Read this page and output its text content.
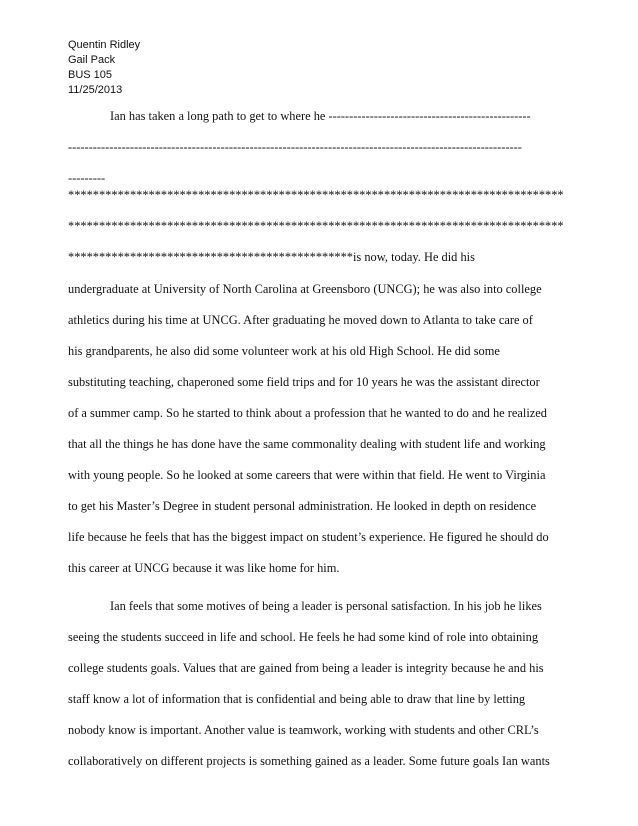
Quentin Ridley
Gail Pack
BUS 105
11/25/2013
Ian has taken a long path to get to where he -------------------------------------------------
--------------------------------------------------------------------------------------------------------------
---------
********************************************************************************
********************************************************************************
**********************************************is now, today. He did his
undergraduate at University of North Carolina at Greensboro (UNCG); he was also into college
athletics during his time at UNCG. After graduating he moved down to Atlanta to take care of
his grandparents, he also did some volunteer work at his old High School. He did some
substituting teaching, chaperoned some field trips and for 10 years he was the assistant director
of a summer camp. So he started to think about a profession that he wanted to do and he realized
that all the things he has done have the same commonality dealing with student life and working
with young people. So he looked at some careers that were within that field. He went to Virginia
to get his Master’s Degree in student personal administration. He looked in depth on residence
life because he feels that has the biggest impact on student’s experience. He figured he should do
this career at UNCG because it was like home for him.
Ian feels that some motives of being a leader is personal satisfaction. In his job he likes
seeing the students succeed in life and school. He feels he had some kind of role into obtaining
college students goals. Values that are gained from being a leader is integrity because he and his
staff know a lot of information that is confidential and being able to draw that line by letting
nobody know is important. Another value is teamwork, working with students and other CRL’s
collaboratively on different projects is something gained as a leader. Some future goals Ian wants
